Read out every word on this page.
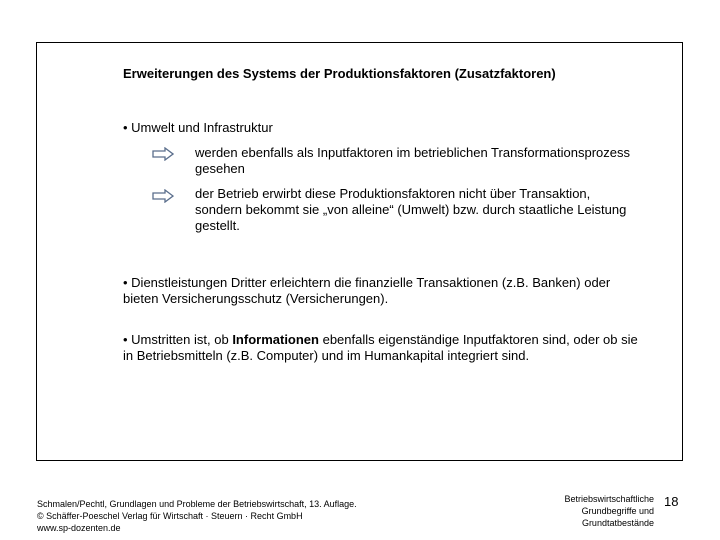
Erweiterungen des Systems der Produktionsfaktoren (Zusatzfaktoren)
• Umwelt und Infrastruktur
werden ebenfalls als Inputfaktoren im betrieblichen Transformationsprozess gesehen
der Betrieb erwirbt diese Produktionsfaktoren nicht über Transaktion, sondern bekommt sie „von alleine“ (Umwelt) bzw. durch staatliche Leistung gestellt.
• Dienstleistungen Dritter erleichtern die finanzielle Transaktionen (z.B. Banken) oder bieten Versicherungsschutz (Versicherungen).
• Umstritten ist, ob Informationen ebenfalls eigenständige Inputfaktoren sind, oder ob sie in Betriebsmitteln (z.B. Computer) und im Humankapital integriert sind.
Schmalen/Pechtl, Grundlagen und Probleme der Betriebswirtschaft, 13. Auflage.
© Schäffer-Poeschel Verlag für Wirtschaft · Steuern · Recht GmbH
www.sp-dozenten.de
Betriebswirtschaftliche
Grundbegriffe und
Grundtatbestände
18
